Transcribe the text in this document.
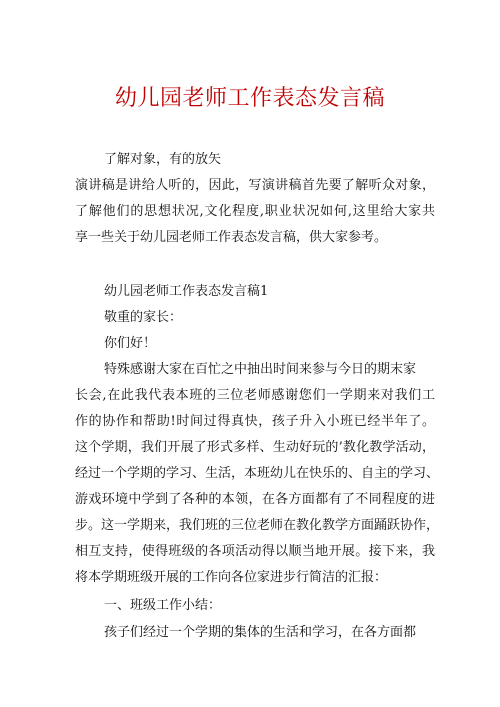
幼儿园老师工作表态发言稿
了解对象，有的放矢
演讲稿是讲给人听的，因此，写演讲稿首先要了解听众对象，
了解他们的思想状况,文化程度,职业状况如何,这里给大家共
享一些关于幼儿园老师工作表态发言稿，供大家参考。
幼儿园老师工作表态发言稿1
敬重的家长：
你们好！
特殊感谢大家在百忙之中抽出时间来参与今日的期末家
长会,在此我代表本班的三位老师感谢您们一学期来对我们工
作的协作和帮助!时间过得真快，孩子升入小班已经半年了。
这个学期，我们开展了形式多样、生动好玩的’教化教学活动，
经过一个学期的学习、生活，本班幼儿在快乐的、自主的学习、
游戏环境中学到了各种的本领，在各方面都有了不同程度的进
步。这一学期来，我们班的三位老师在教化教学方面踊跃协作，
相互支持，使得班级的各项活动得以顺当地开展。接下来，我
将本学期班级开展的工作向各位家进步行简洁的汇报：
一、班级工作小结：
孩子们经过一个学期的集体的生活和学习，在各方面都
